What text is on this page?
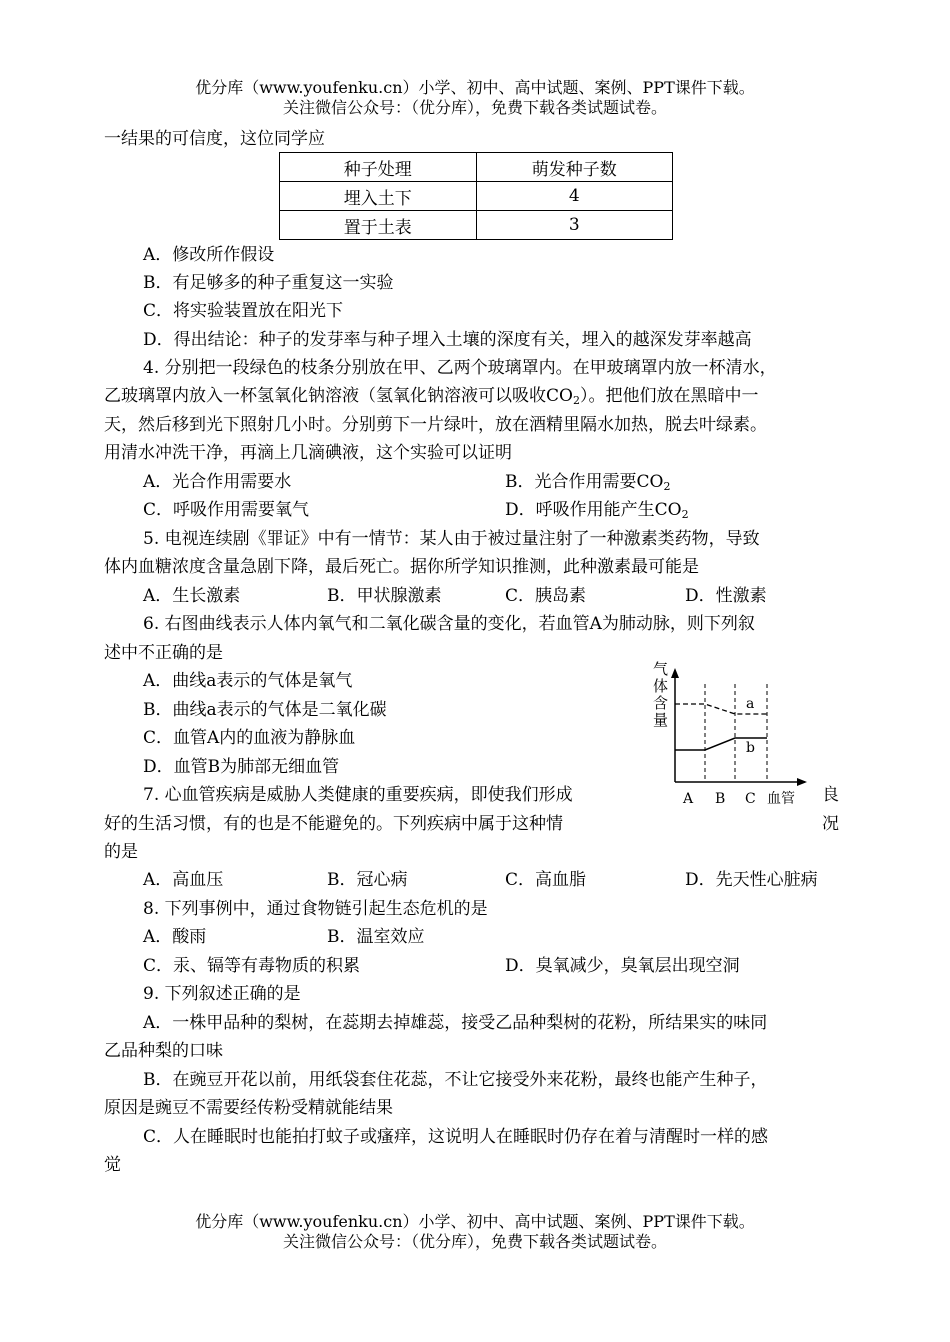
优分库（www.youfenku.cn）小学、初中、高中试题、案例、PPT课件下载。
关注微信公众号：（优分库），免费下载各类试题试卷。
一结果的可信度，这位同学应
种子处理	萌发种子数
埋入土下	4
置于土表	3
A．修改所作假设
B．有足够多的种子重复这一实验
C．将实验装置放在阳光下
D．得出结论：种子的发芽率与种子埋入土壤的深度有关，埋入的越深发芽率越高
4. 分别把一段绿色的枝条分别放在甲、乙两个玻璃罩内。在甲玻璃罩内放一杯清水，
乙玻璃罩内放入一杯氢氧化钠溶液（氢氧化钠溶液可以吸收$CO_2$）。把他们放在黑暗中一
天，然后移到光下照射几小时。分别剪下一片绿叶，放在酒精里隔水加热，脱去叶绿素。
用清水冲洗干净，再滴上几滴碘液，这个实验可以证明
A．光合作用需要水	B．光合作用需要$CO_2$
C．呼吸作用需要氧气	D．呼吸作用能产生$CO_2$
5. 电视连续剧《罪证》中有一情节：某人由于被过量注射了一种激素类药物，导致
体内血糖浓度含量急剧下降，最后死亡。据你所学知识推测，此种激素最可能是
A．生长激素	B．甲状腺激素	C．胰岛素	D．性激素
6. 右图曲线表示人体内氧气和二氧化碳含量的变化，若血管A为肺动脉，则下列叙
述中不正确的是
A．曲线a表示的气体是氧气
B．曲线a表示的气体是二氧化碳
C．血管A内的血液为静脉血
D．血管B为肺部无细血管
气
体
含
量
a
b
A B C 血管
7. 心血管疾病是威胁人类健康的重要疾病，即使我们形成	良
好的生活习惯，有的也是不能避免的。下列疾病中属于这种情	况
的是
A．高血压	B．冠心病	C．高血脂	D．先天性心脏病
8. 下列事例中，通过食物链引起生态危机的是
A．酸雨	B．温室效应
C．汞、镉等有毒物质的积累	D．臭氧减少，臭氧层出现空洞
9. 下列叙述正确的是
A．一株甲品种的梨树，在蕊期去掉雄蕊，接受乙品种梨树的花粉，所结果实的味同
乙品种梨的口味
B．在豌豆开花以前，用纸袋套住花蕊，不让它接受外来花粉，最终也能产生种子，
原因是豌豆不需要经传粉受精就能结果
C．人在睡眠时也能拍打蚊子或瘙痒，这说明人在睡眠时仍存在着与清醒时一样的感
觉
优分库（www.youfenku.cn）小学、初中、高中试题、案例、PPT课件下载。
关注微信公众号：（优分库），免费下载各类试题试卷。
